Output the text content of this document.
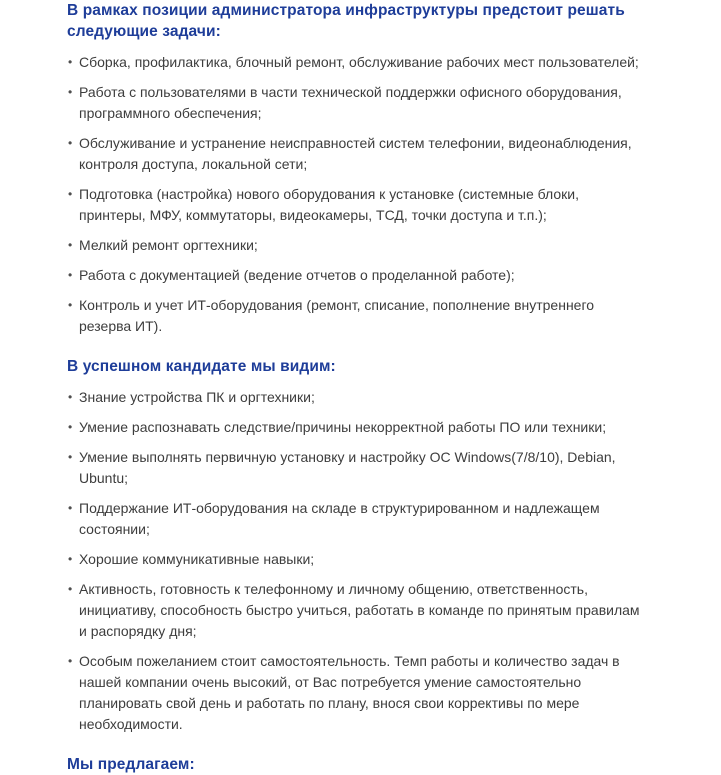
В рамках позиции администратора инфраструктуры предстоит решать следующие задачи:
• Сборка, профилактика, блочный ремонт, обслуживание рабочих мест пользователей;
• Работа с пользователями в части технической поддержки офисного оборудования, программного обеспечения;
• Обслуживание и устранение неисправностей систем телефонии, видеонаблюдения, контроля доступа, локальной сети;
• Подготовка (настройка) нового оборудования к установке (системные блоки, принтеры, МФУ, коммутаторы, видеокамеры, ТСД, точки доступа и т.п.);
• Мелкий ремонт оргтехники;
• Работа с документацией (ведение отчетов о проделанной работе);
• Контроль и учет ИТ-оборудования (ремонт, списание, пополнение внутреннего резерва ИТ).
В успешном кандидате мы видим:
• Знание устройства ПК и оргтехники;
• Умение распознавать следствие/причины некорректной работы ПО или техники;
• Умение выполнять первичную установку и настройку ОС Windows(7/8/10), Debian, Ubuntu;
• Поддержание ИТ-оборудования на складе в структурированном и надлежащем состоянии;
• Хорошие коммуникативные навыки;
• Активность, готовность к телефонному и личному общению, ответственность, инициативу, способность быстро учиться, работать в команде по принятым правилам и распорядку дня;
• Особым пожеланием стоит самостоятельность. Темп работы и количество задач в нашей компании очень высокий, от Вас потребуется умение самостоятельно планировать свой день и работать по плану, внося свои коррективы по мере необходимости.
Мы предлагаем:
